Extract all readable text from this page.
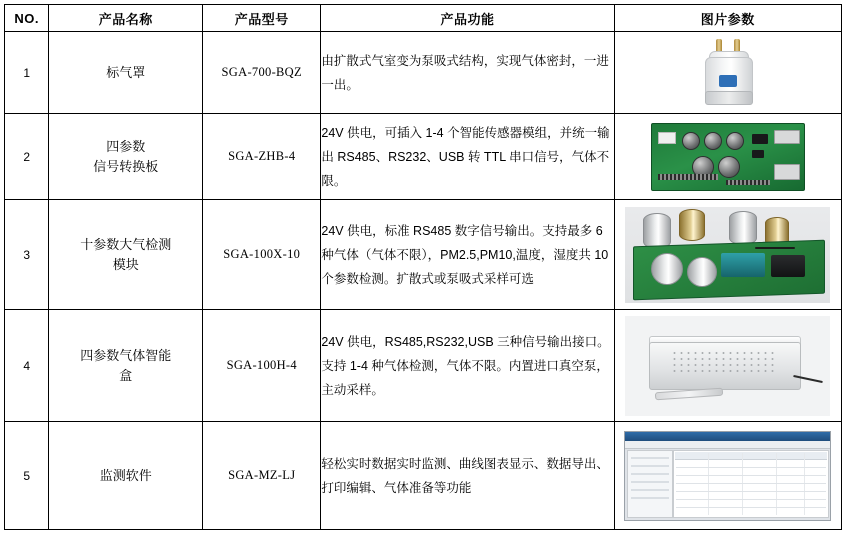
NO.	产品名称	产品型号	产品功能	图片参数
1	标气罩	SGA-700-BQZ	由扩散式气室变为泵吸式结构，实现气体密封，一进一出。	

2	四参数
信号转换板	SGA-ZHB-4	24V 供电，可插入 1-4 个智能传感器模组，并统一输出 RS485、RS232、USB 转 TTL 串口信号，气体不限。	

3	十参数大气检测
模块	SGA-100X-10	24V 供电，标准 RS485 数字信号输出。支持最多 6 种气体（气体不限），PM2.5,PM10,温度，湿度共 10 个参数检测。扩散式或泵吸式采样可选	

4	四参数气体智能
盒	SGA-100H-4	24V 供电，RS485,RS232,USB 三种信号输出接口。支持 1-4 种气体检测，气体不限。内置进口真空泵，主动采样。	

5	监测软件	SGA-MZ-LJ	轻松实时数据实时监测、曲线图表显示、数据导出、打印编辑、气体准备等功能	
